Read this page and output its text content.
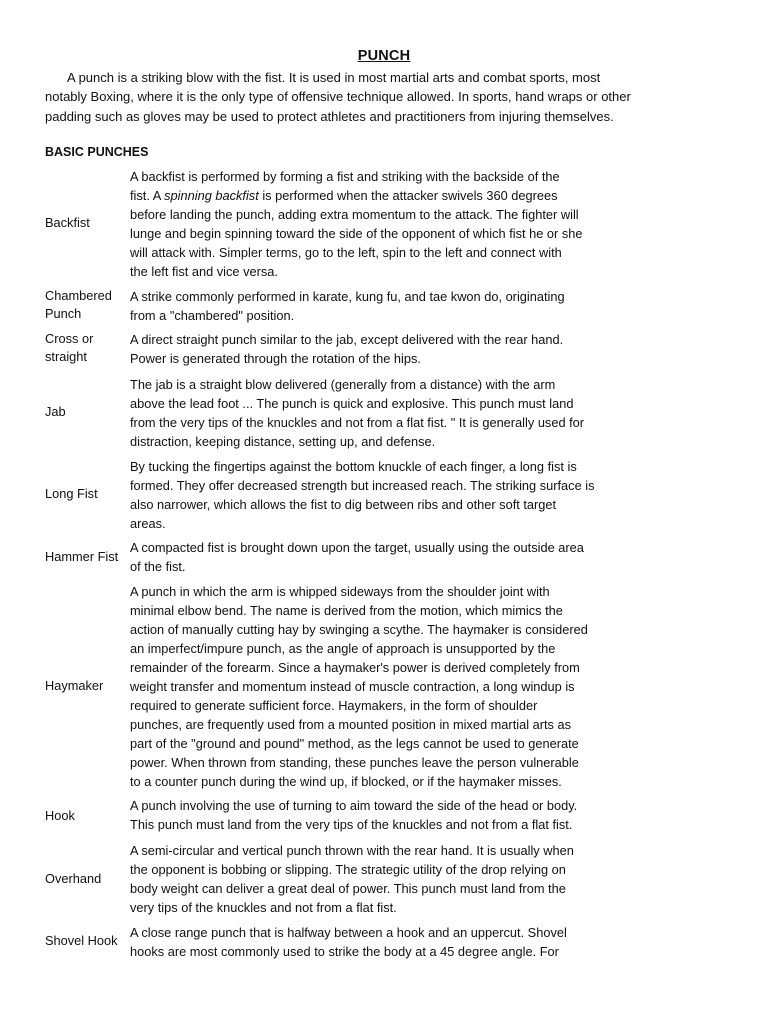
PUNCH

A punch is a striking blow with the fist. It is used in most martial arts and combat sports, most
notably Boxing, where it is the only type of offensive technique allowed. In sports, hand wraps or other
padding such as gloves may be used to protect athletes and practitioners from injuring themselves.

BASIC PUNCHES
Backfist
A backfist is performed by forming a fist and striking with the backside of the
fist. A spinning backfist is performed when the attacker swivels 360 degrees
before landing the punch, adding extra momentum to the attack. The fighter will
lunge and begin spinning toward the side of the opponent of which fist he or she
will attack with. Simpler terms, go to the left, spin to the left and connect with
the left fist and vice versa.
Chambered
Punch
A strike commonly performed in karate, kung fu, and tae kwon do, originating
from a "chambered" position.
Cross or
straight
A direct straight punch similar to the jab, except delivered with the rear hand.
Power is generated through the rotation of the hips.
Jab
The jab is a straight blow delivered (generally from a distance) with the arm
above the lead foot ... The punch is quick and explosive. This punch must land
from the very tips of the knuckles and not from a flat fist. " It is generally used for
distraction, keeping distance, setting up, and defense.
Long Fist
By tucking the fingertips against the bottom knuckle of each finger, a long fist is
formed. They offer decreased strength but increased reach. The striking surface is
also narrower, which allows the fist to dig between ribs and other soft target
areas.
Hammer Fist
A compacted fist is brought down upon the target, usually using the outside area
of the fist.
Haymaker
A punch in which the arm is whipped sideways from the shoulder joint with
minimal elbow bend. The name is derived from the motion, which mimics the
action of manually cutting hay by swinging a scythe. The haymaker is considered
an imperfect/impure punch, as the angle of approach is unsupported by the
remainder of the forearm. Since a haymaker's power is derived completely from
weight transfer and momentum instead of muscle contraction, a long windup is
required to generate sufficient force. Haymakers, in the form of shoulder
punches, are frequently used from a mounted position in mixed martial arts as
part of the "ground and pound" method, as the legs cannot be used to generate
power. When thrown from standing, these punches leave the person vulnerable
to a counter punch during the wind up, if blocked, or if the haymaker misses.
Hook
A punch involving the use of turning to aim toward the side of the head or body.
This punch must land from the very tips of the knuckles and not from a flat fist.
Overhand
A semi-circular and vertical punch thrown with the rear hand. It is usually when
the opponent is bobbing or slipping. The strategic utility of the drop relying on
body weight can deliver a great deal of power. This punch must land from the
very tips of the knuckles and not from a flat fist.
Shovel Hook
A close range punch that is halfway between a hook and an uppercut. Shovel
hooks are most commonly used to strike the body at a 45 degree angle. For
